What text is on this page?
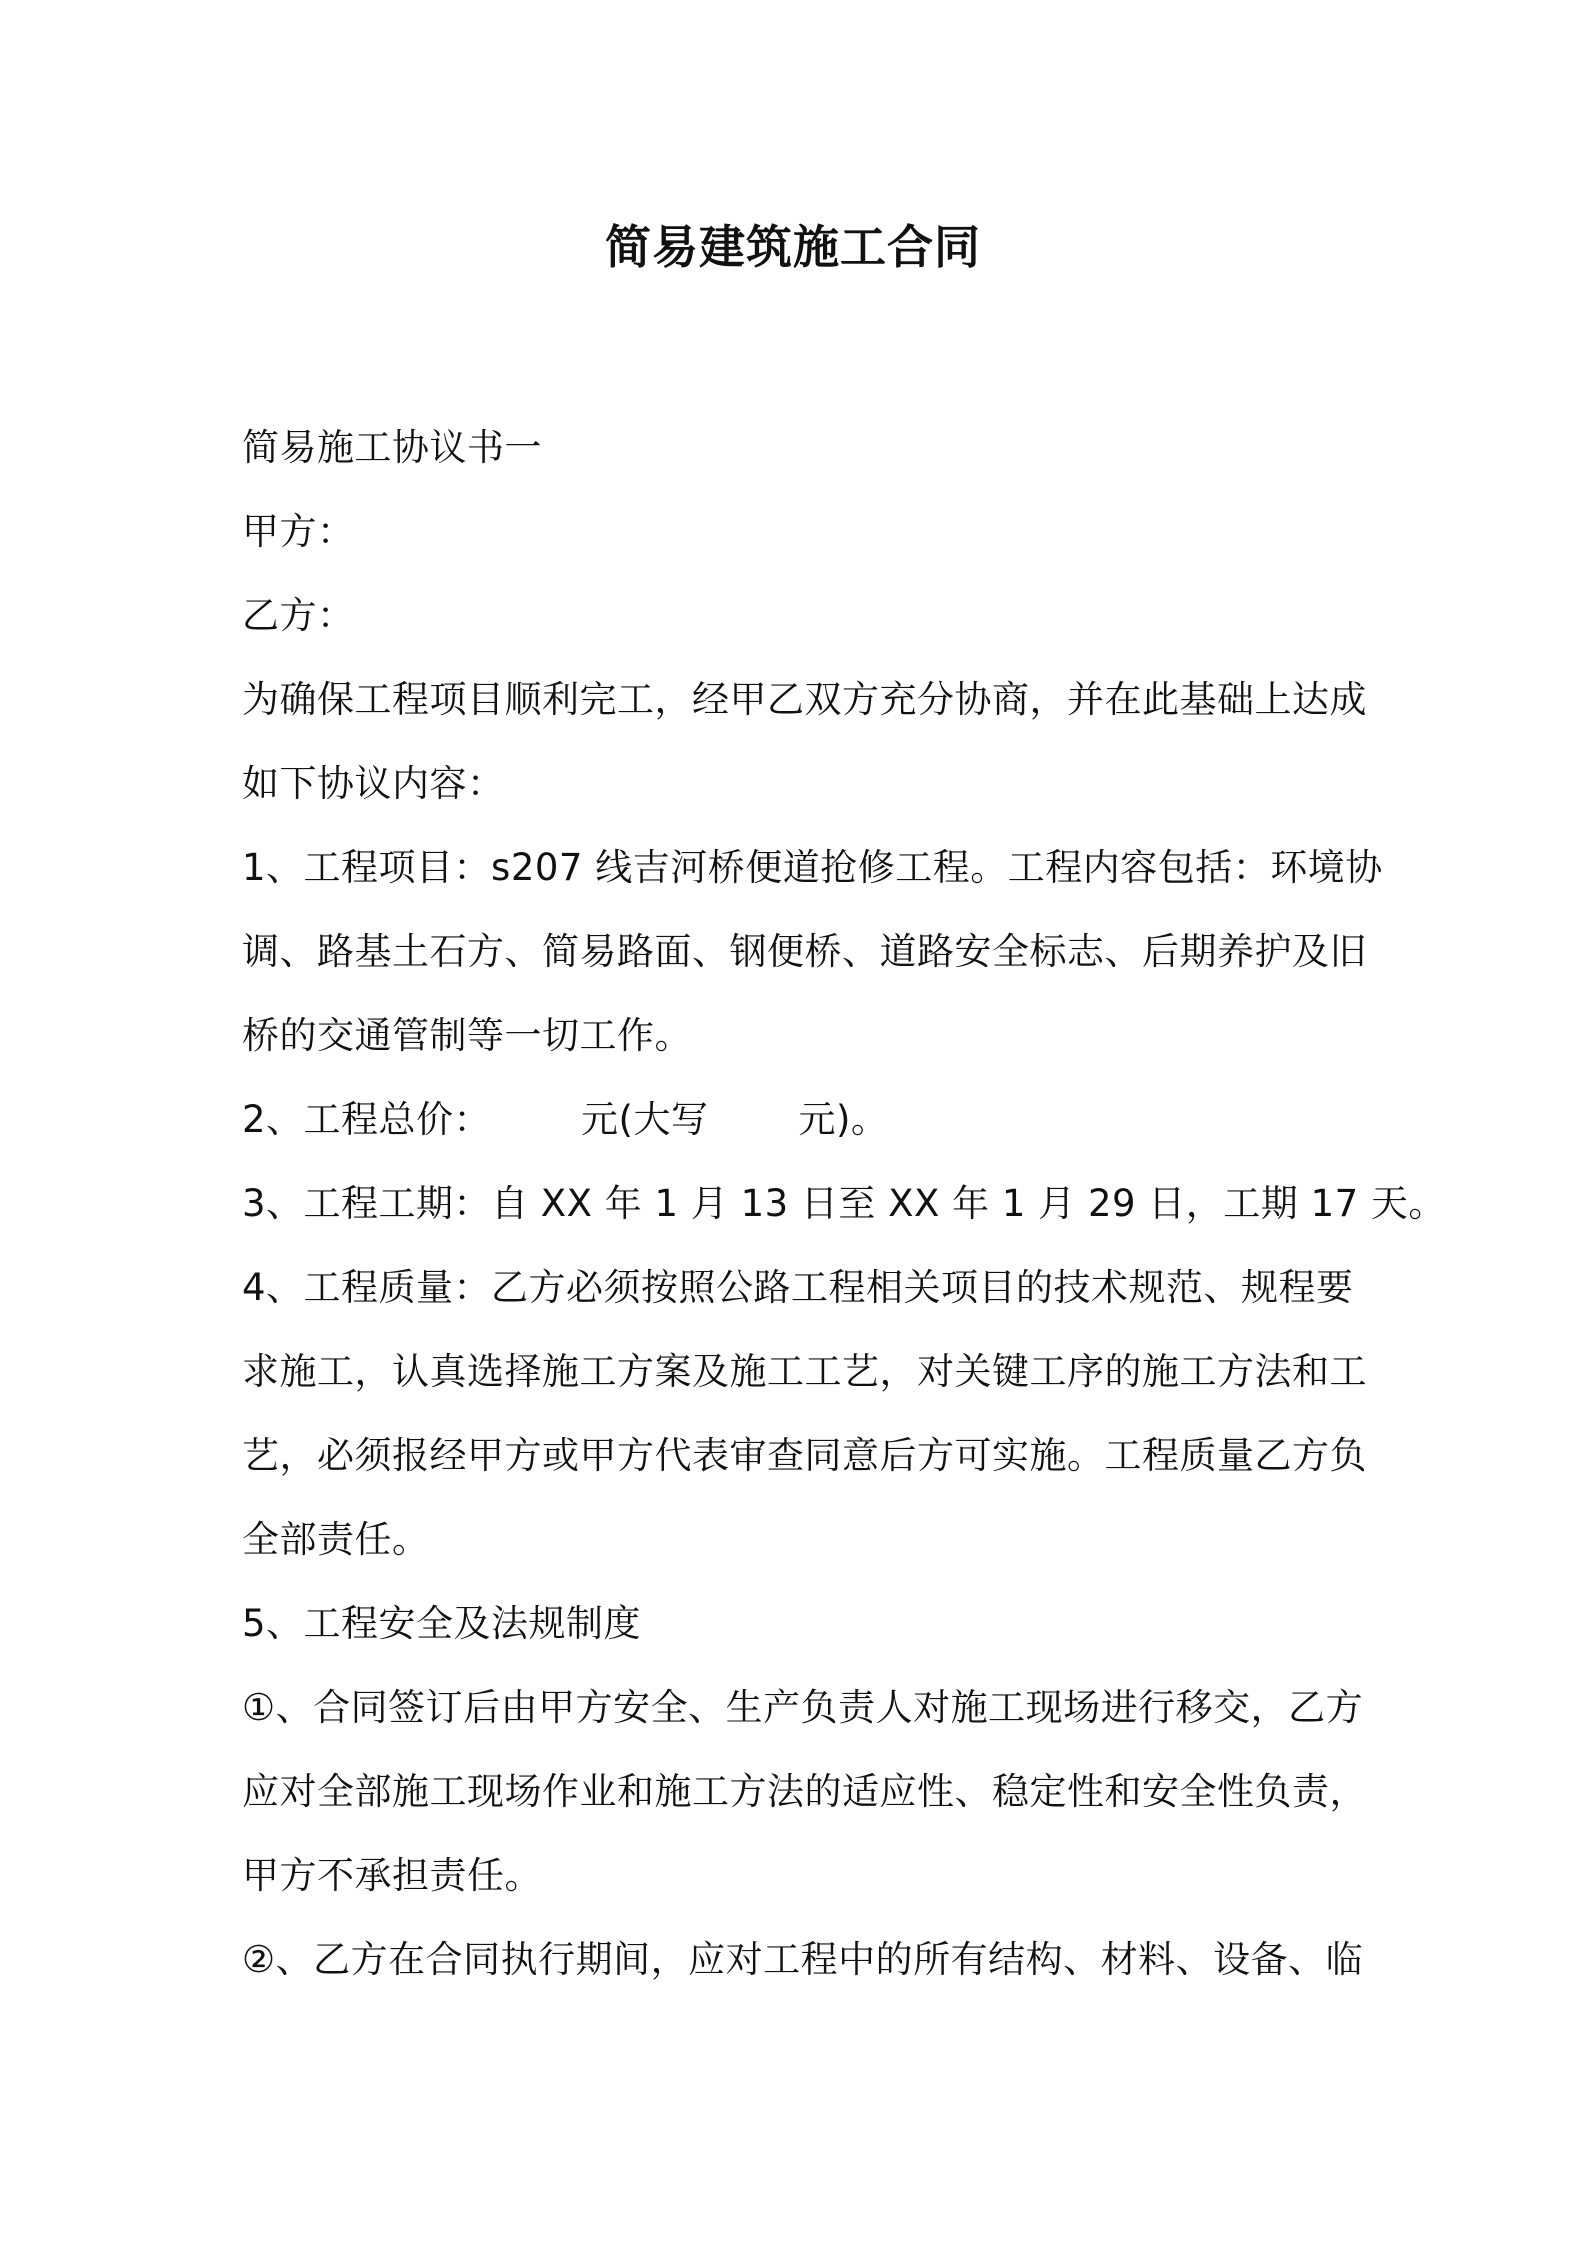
简易建筑施工合同
简易施工协议书一
甲方：
乙方：
为确保工程项目顺利完工，经甲乙双方充分协商，并在此基础上达成
如下协议内容：
1、工程项目：s207 线吉河桥便道抢修工程。工程内容包括：环境协
调、路基土石方、简易路面、钢便桥、道路安全标志、后期养护及旧
桥的交通管制等一切工作。
2、工程总价： 元(大写 元)。
3、工程工期：自 XX 年 1 月 13 日至 XX 年 1 月 29 日，工期 17 天。
4、工程质量：乙方必须按照公路工程相关项目的技术规范、规程要
求施工，认真选择施工方案及施工工艺，对关键工序的施工方法和工
艺，必须报经甲方或甲方代表审查同意后方可实施。工程质量乙方负
全部责任。
5、工程安全及法规制度
①、合同签订后由甲方安全、生产负责人对施工现场进行移交，乙方
应对全部施工现场作业和施工方法的适应性、稳定性和安全性负责，
甲方不承担责任。
②、乙方在合同执行期间，应对工程中的所有结构、材料、设备、临
